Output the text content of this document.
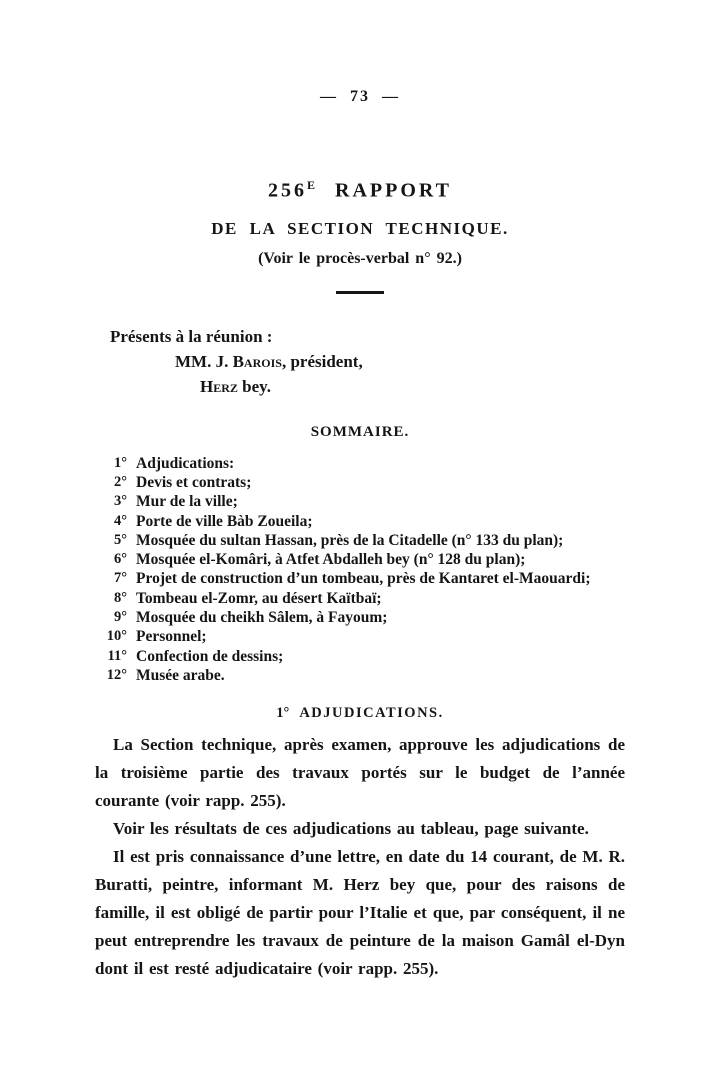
— 73 —
$256^E$ RAPPORT
DE LA SECTION TECHNIQUE.
(Voir le procès-verbal n° 92.)
Présents à la réunion :
MM. J. Barois, président,
Herz bey.
SOMMAIRE.
1° Adjudications:
2° Devis et contrats;
3° Mur de la ville;
4° Porte de ville Bàb Zoueila;
5° Mosquée du sultan Hassan, près de la Citadelle (n° 133 du plan);
6° Mosquée el-Komâri, à Atfet Abdalleh bey (n° 128 du plan);
7° Projet de construction d’un tombeau, près de Kantaret el-Maouardi;
8° Tombeau el-Zomr, au désert Kaïtbaï;
9° Mosquée du cheikh Sâlem, à Fayoum;
10° Personnel;
11° Confection de dessins;
12° Musée arabe.
1° ADJUDICATIONS.

La Section technique, après examen, approuve les adjudications de la troisième partie des travaux portés sur le budget de l’année courante (voir rapp. 255).

Voir les résultats de ces adjudications au tableau, page suivante.

Il est pris connaissance d’une lettre, en date du 14 courant, de M. R. Buratti, peintre, informant M. Herz bey que, pour des raisons de famille, il est obligé de partir pour l’Italie et que, par conséquent, il ne peut entreprendre les travaux de peinture de la maison Gamâl el-Dyn dont il est resté adjudicataire (voir rapp. 255).
